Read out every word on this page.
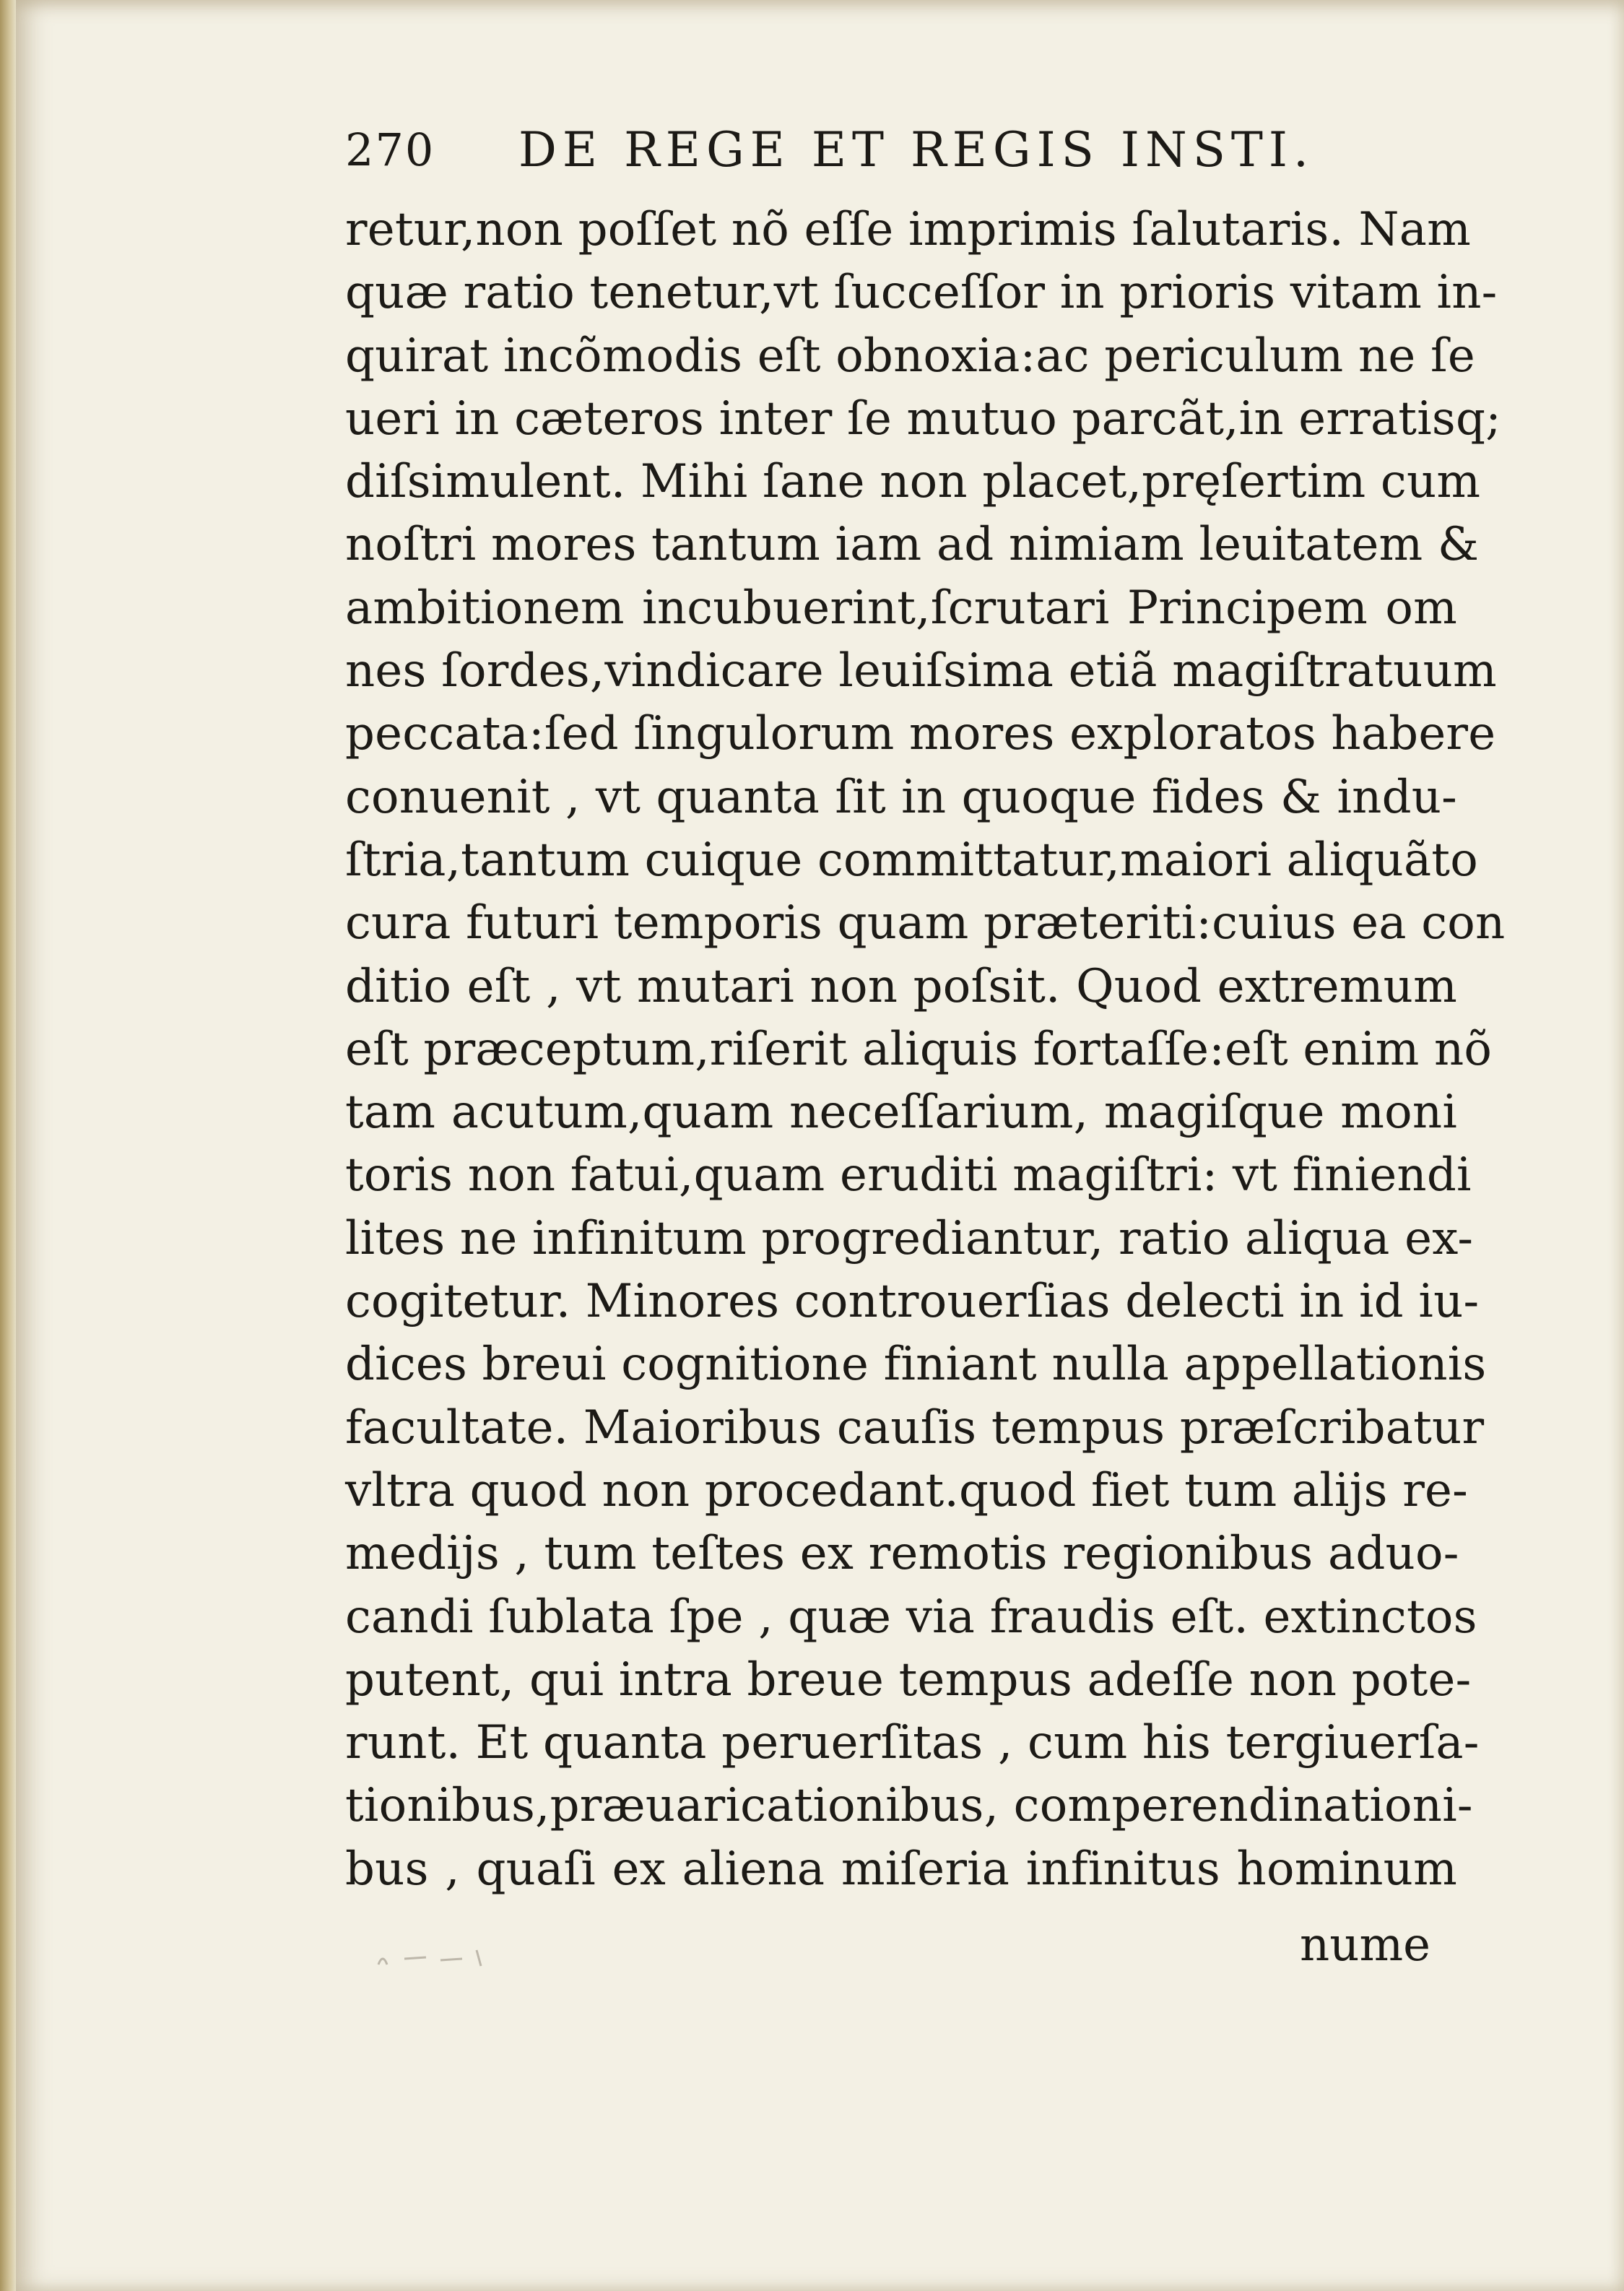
270 DE REGE ET REGIS INSTI.
retur,non poſſet nõ eſſe imprimis ſalutaris. Nam
quæ ratio tenetur,vt ſucceſſor in prioris vitam in-
quirat incõmodis eſt obnoxia:ac periculum ne ſe
ueri in cæteros inter ſe mutuo parcãt,in erratisq;
diſsimulent. Mihi ſane non placet,pręſertim cum
noſtri mores tantum iam ad nimiam leuitatem &
ambitionem incubuerint,ſcrutari Principem om
nes ſordes,vindicare leuiſsima etiã magiſtratuum
peccata:ſed ſingulorum mores exploratos habere
conuenit , vt quanta ſit in quoque fides & indu-
ſtria,tantum cuique committatur,maiori aliquãto
cura futuri temporis quam præteriti:cuius ea con
ditio eſt , vt mutari non poſsit. Quod extremum
eſt præceptum,riſerit aliquis fortaſſe:eſt enim nõ
tam acutum,quam neceſſarium, magiſque moni
toris non fatui,quam eruditi magiſtri: vt finiendi
lites ne infinitum progrediantur, ratio aliqua ex-
cogitetur. Minores controuerſias delecti in id iu-
dices breui cognitione finiant nulla appellationis
facultate. Maioribus cauſis tempus præſcribatur
vltra quod non procedant.quod fiet tum alijs re-
medijs , tum teſtes ex remotis regionibus aduo-
candi ſublata ſpe , quæ via fraudis eſt. extinctos
putent, qui intra breue tempus adeſſe non pote-
runt. Et quanta peruerſitas , cum his tergiuerſa-
tionibus,præuaricationibus, comperendinationi-
bus , quaſi ex aliena miſeria infinitus hominum
nume
